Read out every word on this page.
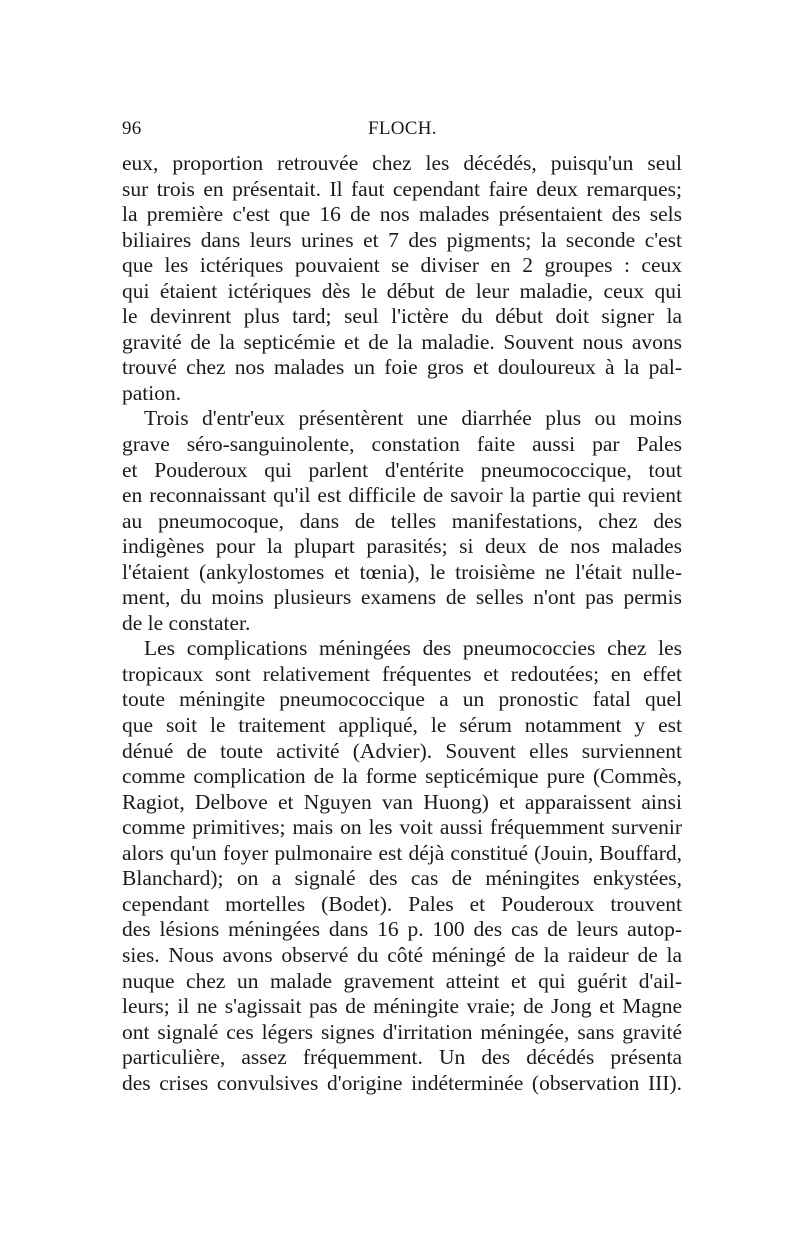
96	FLOCH.
eux, proportion retrouvée chez les décédés, puisqu'un seul
sur trois en présentait. Il faut cependant faire deux remarques;
la première c'est que 16 de nos malades présentaient des sels
biliaires dans leurs urines et 7 des pigments; la seconde c'est
que les ictériques pouvaient se diviser en 2 groupes : ceux
qui étaient ictériques dès le début de leur maladie, ceux qui
le devinrent plus tard; seul l'ictère du début doit signer la
gravité de la septicémie et de la maladie. Souvent nous avons
trouvé chez nos malades un foie gros et douloureux à la pal-
pation.
Trois d'entr'eux présentèrent une diarrhée plus ou moins
grave séro-sanguinolente, constation faite aussi par Pales
et Pouderoux qui parlent d'entérite pneumococcique, tout
en reconnaissant qu'il est difficile de savoir la partie qui revient
au pneumocoque, dans de telles manifestations, chez des
indigènes pour la plupart parasités; si deux de nos malades
l'étaient (ankylostomes et tœnia), le troisième ne l'était nulle-
ment, du moins plusieurs examens de selles n'ont pas permis
de le constater.
Les complications méningées des pneumococcies chez les
tropicaux sont relativement fréquentes et redoutées; en effet
toute méningite pneumococcique a un pronostic fatal quel
que soit le traitement appliqué, le sérum notamment y est
dénué de toute activité (Advier). Souvent elles surviennent
comme complication de la forme septicémique pure (Commès,
Ragiot, Delbove et Nguyen van Huong) et apparaissent ainsi
comme primitives; mais on les voit aussi fréquemment survenir
alors qu'un foyer pulmonaire est déjà constitué (Jouin, Bouffard,
Blanchard); on a signalé des cas de méningites enkystées,
cependant mortelles (Bodet). Pales et Pouderoux trouvent
des lésions méningées dans 16 p. 100 des cas de leurs autop-
sies. Nous avons observé du côté méningé de la raideur de la
nuque chez un malade gravement atteint et qui guérit d'ail-
leurs; il ne s'agissait pas de méningite vraie; de Jong et Magne
ont signalé ces légers signes d'irritation méningée, sans gravité
particulière, assez fréquemment. Un des décédés présenta
des crises convulsives d'origine indéterminée (observation III).
